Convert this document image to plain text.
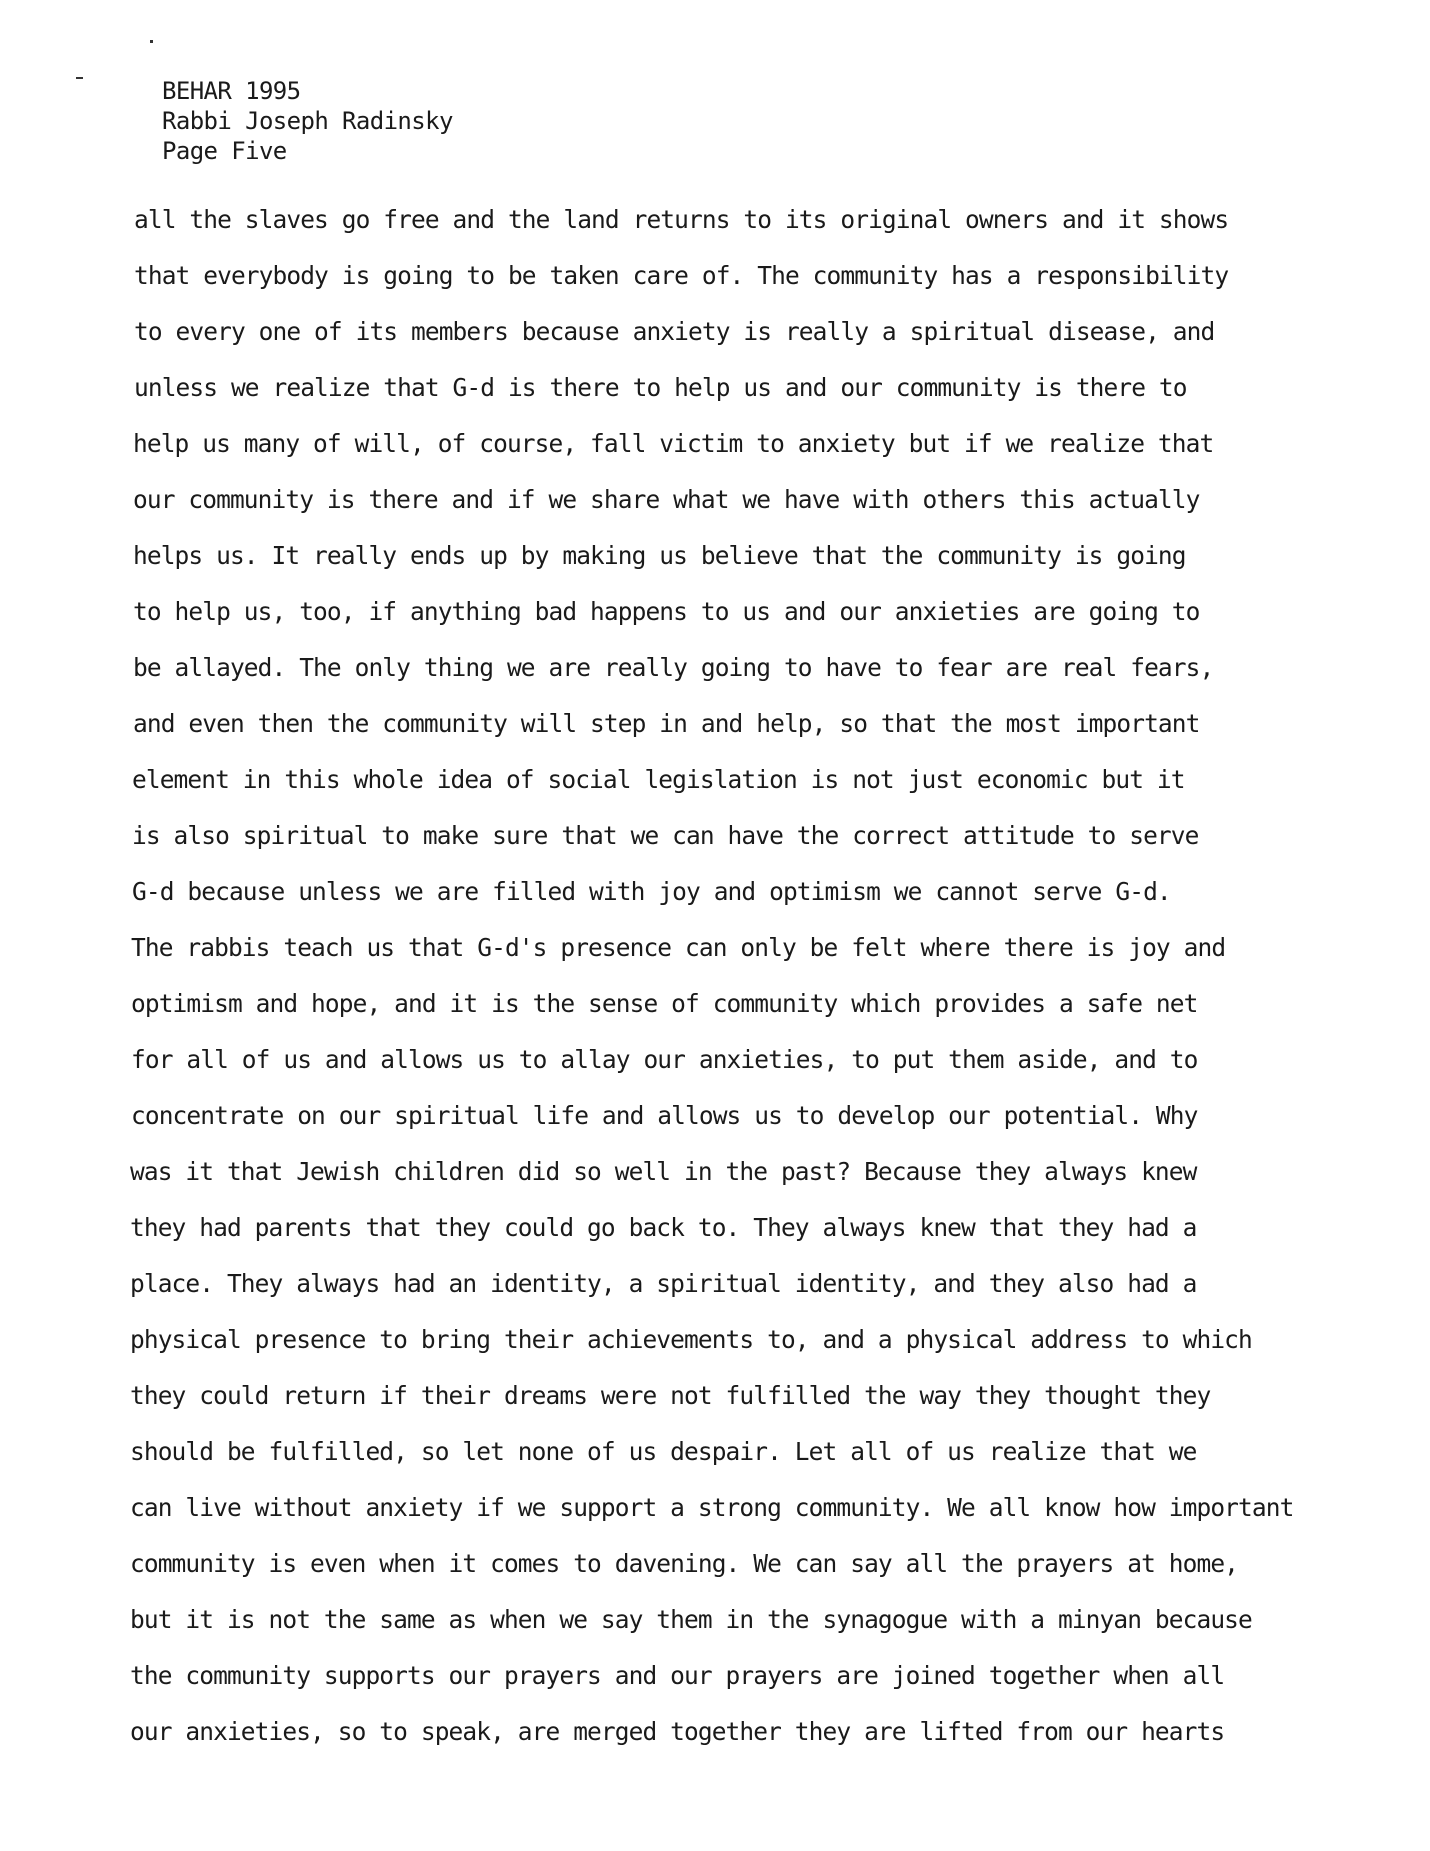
BEHAR 1995
Rabbi Joseph Radinsky
Page Five
all the slaves go free and the land returns to its original owners and it shows
that everybody is going to be taken care of. The community has a responsibility
to every one of its members because anxiety is really a spiritual disease, and
unless we realize that G-d is there to help us and our community is there to
help us many of will, of course, fall victim to anxiety but if we realize that
our community is there and if we share what we have with others this actually
helps us. It really ends up by making us believe that the community is going
to help us, too, if anything bad happens to us and our anxieties are going to
be allayed. The only thing we are really going to have to fear are real fears,
and even then the community will step in and help, so that the most important
element in this whole idea of social legislation is not just economic but it
is also spiritual to make sure that we can have the correct attitude to serve
G-d because unless we are filled with joy and optimism we cannot serve G-d.
The rabbis teach us that G-d's presence can only be felt where there is joy and
optimism and hope, and it is the sense of community which provides a safe net
for all of us and allows us to allay our anxieties, to put them aside, and to
concentrate on our spiritual life and allows us to develop our potential. Why
was it that Jewish children did so well in the past? Because they always knew
they had parents that they could go back to. They always knew that they had a
place. They always had an identity, a spiritual identity, and they also had a
physical presence to bring their achievements to, and a physical address to which
they could return if their dreams were not fulfilled the way they thought they
should be fulfilled, so let none of us despair. Let all of us realize that we
can live without anxiety if we support a strong community. We all know how important
community is even when it comes to davening. We can say all the prayers at home,
but it is not the same as when we say them in the synagogue with a minyan because
the community supports our prayers and our prayers are joined together when all
our anxieties, so to speak, are merged together they are lifted from our hearts
